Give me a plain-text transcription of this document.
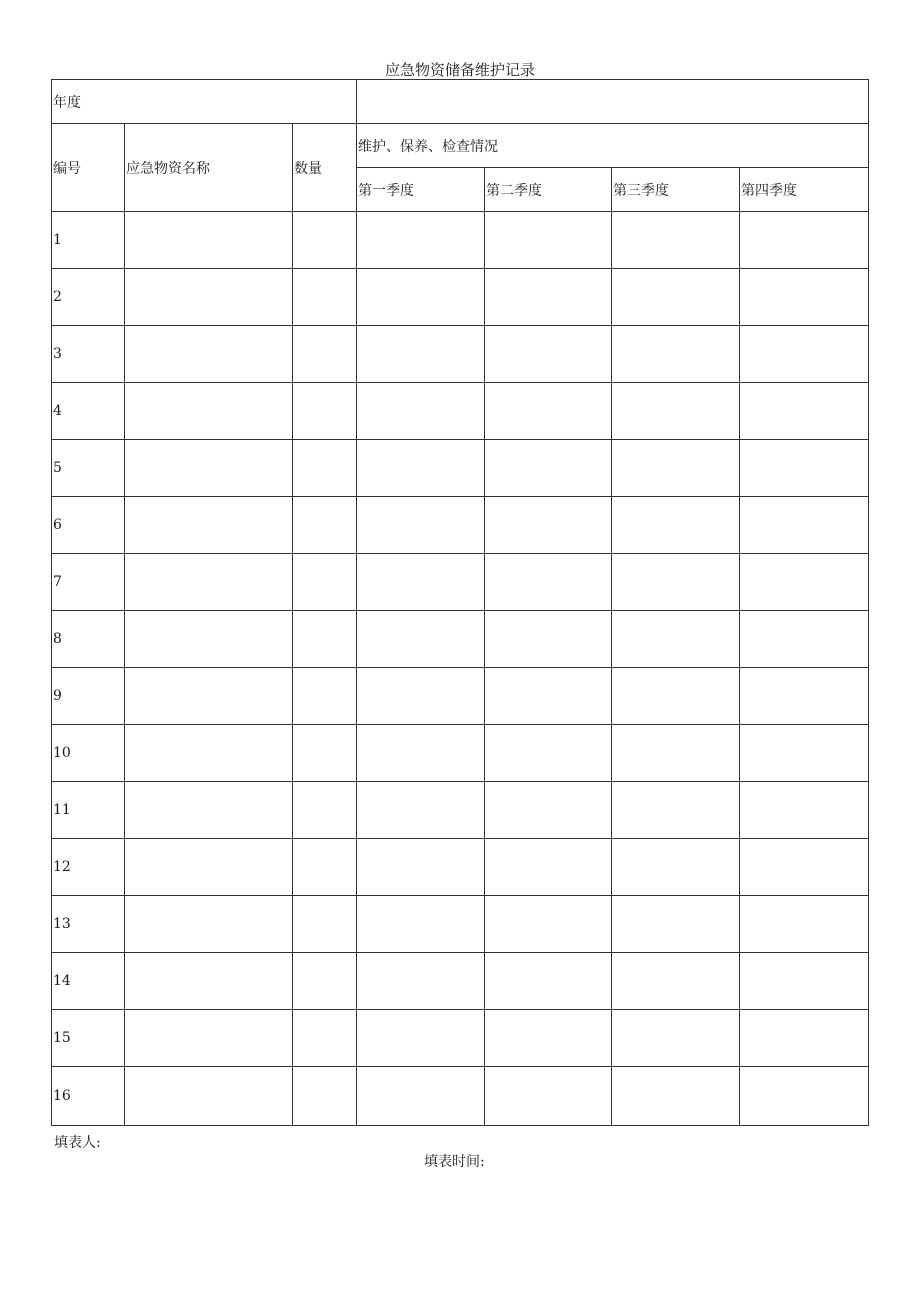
应急物资储备维护记录
年度						
编号	应急物资名称	数量	维护、保养、检查情况			
			第一季度	第二季度	第三季度	第四季度
1						
2						
3						
4						
5						
6						
7						
8						
9						
10						
11						
12						
13						
14						
15						
16						
填表人:
填表时间:
